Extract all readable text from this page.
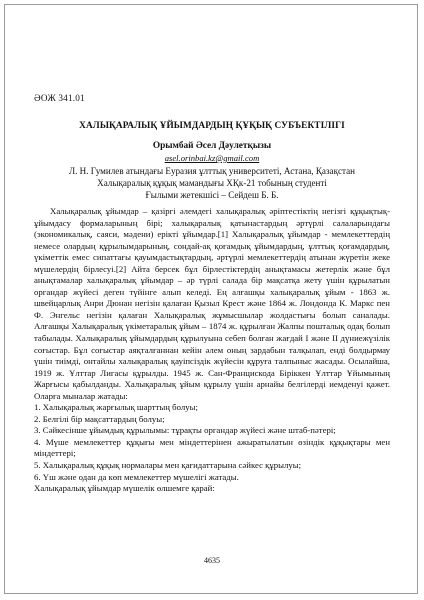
ӘОЖ 341.01
ХАЛЫҚАРАЛЫҚ ҰЙЫМДАРДЫҢ ҚҰҚЫҚ СУБЪЕКТІЛІГІ
Орымбай Әсел Дәулетқызы
asel.orinbai.kz@gmail.com
Л. Н. Гумилев атындағы Еуразия ұлттық университеті, Астана, Қазақстан
Халықаралық құқық мамандығы ХҚк-21 тобының студенті
Ғылыми жетекшісі – Сейдеш Б. Б.

Халықаралық ұйымдар – қазіргі әлемдегі халықаралық әріптестіктің негізгі құқықтық-ұйымдасу формаларының бірі; халықаралық қатынастардың әртүрлі салаларындағы (экономикалық, саяси, мәдени) ерікті ұйымдар.[1] Халықаралық ұйымдар - мемлекеттердің немесе олардың құрылымдарының, сондай-ақ қоғамдық ұйымдардың, ұлттық қоғамдардың, үкіметтік емес сипаттағы қауымдастықтардың, әртүрлі мемлекеттердің атынан жүретін жеке мүшелердің бірлесуі.[2] Айта берсек бұл бірлестіктердің анықтамасы жетерлік және бұл анықтамалар халықаралық ұйымдар – әр түрлі салада бір мақсатқа жету үшін құрылатын органдар жүйесі деген түйінге алып келеді. Ең алғашқы халықаралық ұйым - 1863 ж. швейцарлық Анри Дюнан негізін қалаған Қызыл Крест және 1864 ж. Лондонда К. Маркс пен Ф. Энгельс негізін қалаған Халықаралық жұмысшылар жолдастығы болып саналады. Алғашқы Халықаралық үкіметаралық ұйым – 1874 ж. құрылған Жалпы пошталық одақ болып табылады. Халықаралық ұйымдардың құрылуына себеп болған жағдай І және ІІ дүниежүзілік соғыстар. Бұл соғыстар аяқталғаннан кейін әлем оның зардабын талқылап, енді болдырмау үшін тиімді, онтайлы халықаралық қауіпсіздік жүйесін құруға талпыныс жасады. Осылайша, 1919 ж. Ұлттар Лигасы құрылды. 1945 ж. Сан-Францискода Біріккен Ұлттар Ұйымының Жарғысы қабылданды. Халықаралық ұйым құрылу үшін арнайы белгілерді иемденуі қажет. Оларға мыналар жатады:

1. Халықаралық жарғылық шарттың болуы;

2. Белгілі бір мақсаттардың болуы;

3. Сәйкесінше ұйымдық құрылымы: тұрақты органдар жүйесі және штаб-пәтері;

4. Мүше мемлекеттер құқығы мен міндеттерінен ажыратылатын өзіндік құқықтары мен міндеттері;

5. Халықаралық құқық нормалары мен қағидаттарына сәйкес құрылуы;

6. Үш және одан да көп мемлекеттер мүшелігі жатады.

Халықаралық ұйымдар мүшелік өлшемге қарай:

4635
